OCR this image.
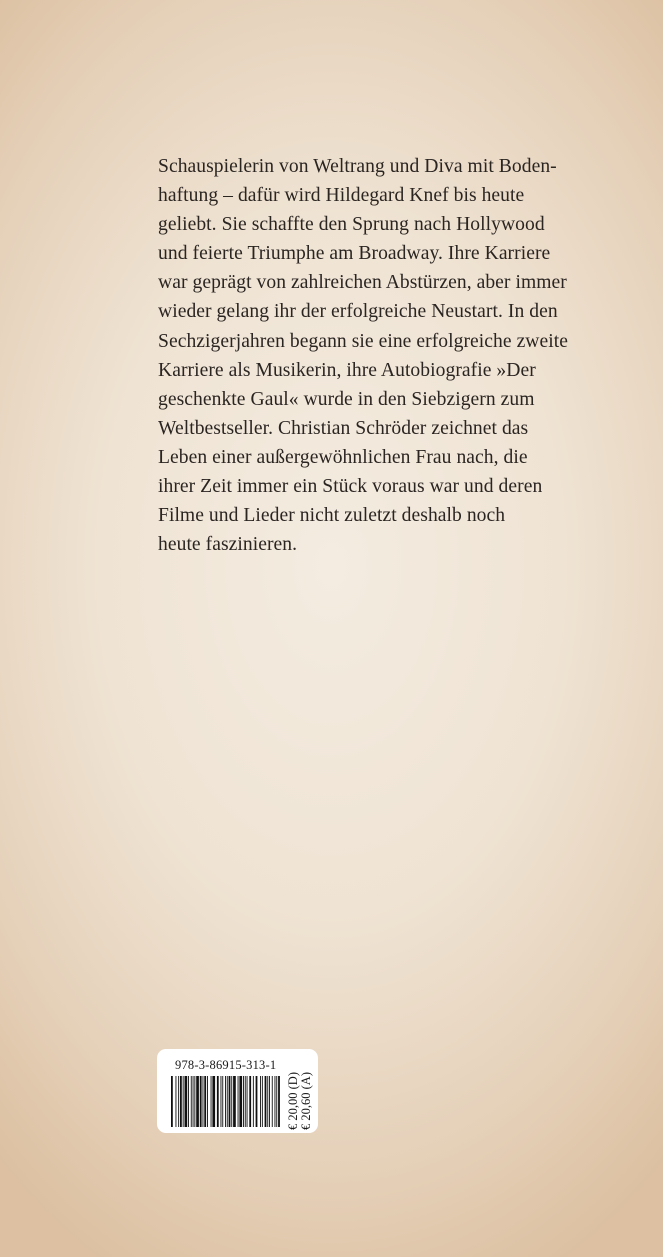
Schauspielerin von Weltrang und Diva mit Boden-
haftung – dafür wird Hildegard Knef bis heute
geliebt. Sie schaffte den Sprung nach Hollywood
und feierte Triumphe am Broadway. Ihre Karriere
war geprägt von zahlreichen Abstürzen, aber immer
wieder gelang ihr der erfolgreiche Neustart. In den
Sechzigerjahren begann sie eine erfolgreiche zweite
Karriere als Musikerin, ihre Autobiografie »Der
geschenkte Gaul« wurde in den Siebzigern zum
Weltbestseller. Christian Schröder zeichnet das
Leben einer außergewöhnlichen Frau nach, die
ihrer Zeit immer ein Stück voraus war und deren
Filme und Lieder nicht zuletzt deshalb noch
heute faszinieren.

978-3-86915-313-1
€ 20,00 (D) € 20,60 (A)
